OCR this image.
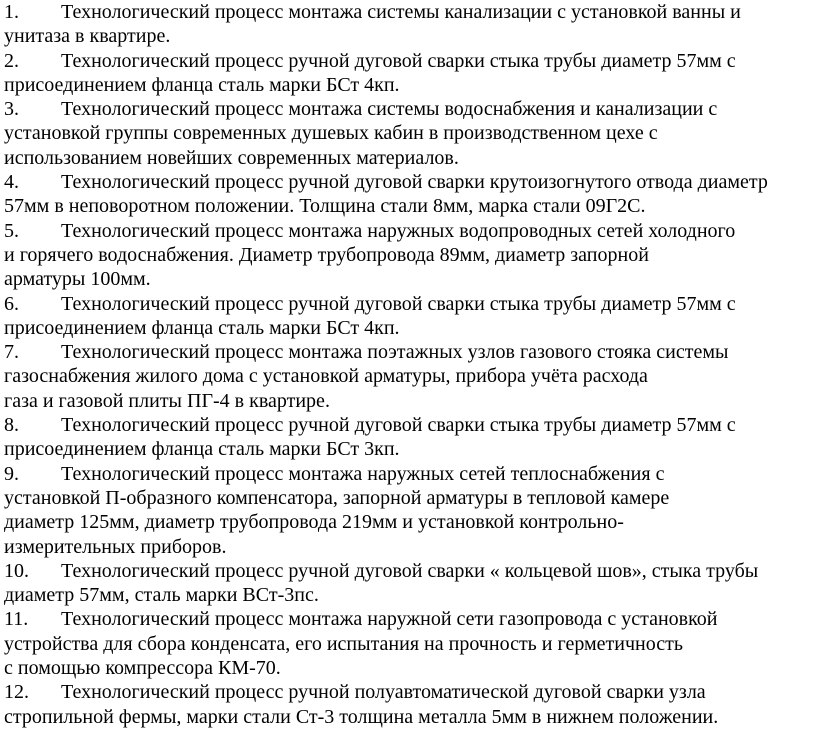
1. Технологический процесс монтажа системы канализации с установкой ванны и
унитаза в квартире.
2. Технологический процесс ручной дуговой сварки стыка трубы диаметр 57мм с
присоединением фланца сталь марки БСт 4кп.
3. Технологический процесс монтажа системы водоснабжения и канализации с
установкой группы современных душевых кабин в производственном цехе с
использованием новейших современных материалов.
4. Технологический процесс ручной дуговой сварки крутоизогнутого отвода диаметр
57мм в неповоротном положении. Толщина стали 8мм, марка стали 09Г2С.
5. Технологический процесс монтажа наружных водопроводных сетей холодного
и горячего водоснабжения. Диаметр трубопровода 89мм, диаметр запорной
арматуры 100мм.
6. Технологический процесс ручной дуговой сварки стыка трубы диаметр 57мм с
присоединением фланца сталь марки БСт 4кп.
7. Технологический процесс монтажа поэтажных узлов газового стояка системы
газоснабжения жилого дома с установкой арматуры, прибора учёта расхода
газа и газовой плиты ПГ-4 в квартире.
8. Технологический процесс ручной дуговой сварки стыка трубы диаметр 57мм с
присоединением фланца сталь марки БСт 3кп.
9. Технологический процесс монтажа наружных сетей теплоснабжения с
установкой П-образного компенсатора, запорной арматуры в тепловой камере
диаметр 125мм, диаметр трубопровода 219мм и установкой контрольно-
измерительных приборов.
10. Технологический процесс ручной дуговой сварки « кольцевой шов», стыка трубы
диаметр 57мм, сталь марки ВСт-3пс.
11. Технологический процесс монтажа наружной сети газопровода с установкой
устройства для сбора конденсата, его испытания на прочность и герметичность
с помощью компрессора КМ-70.
12. Технологический процесс ручной полуавтоматической дуговой сварки узла
стропильной фермы, марки стали Ст-3 толщина металла 5мм в нижнем положении.
